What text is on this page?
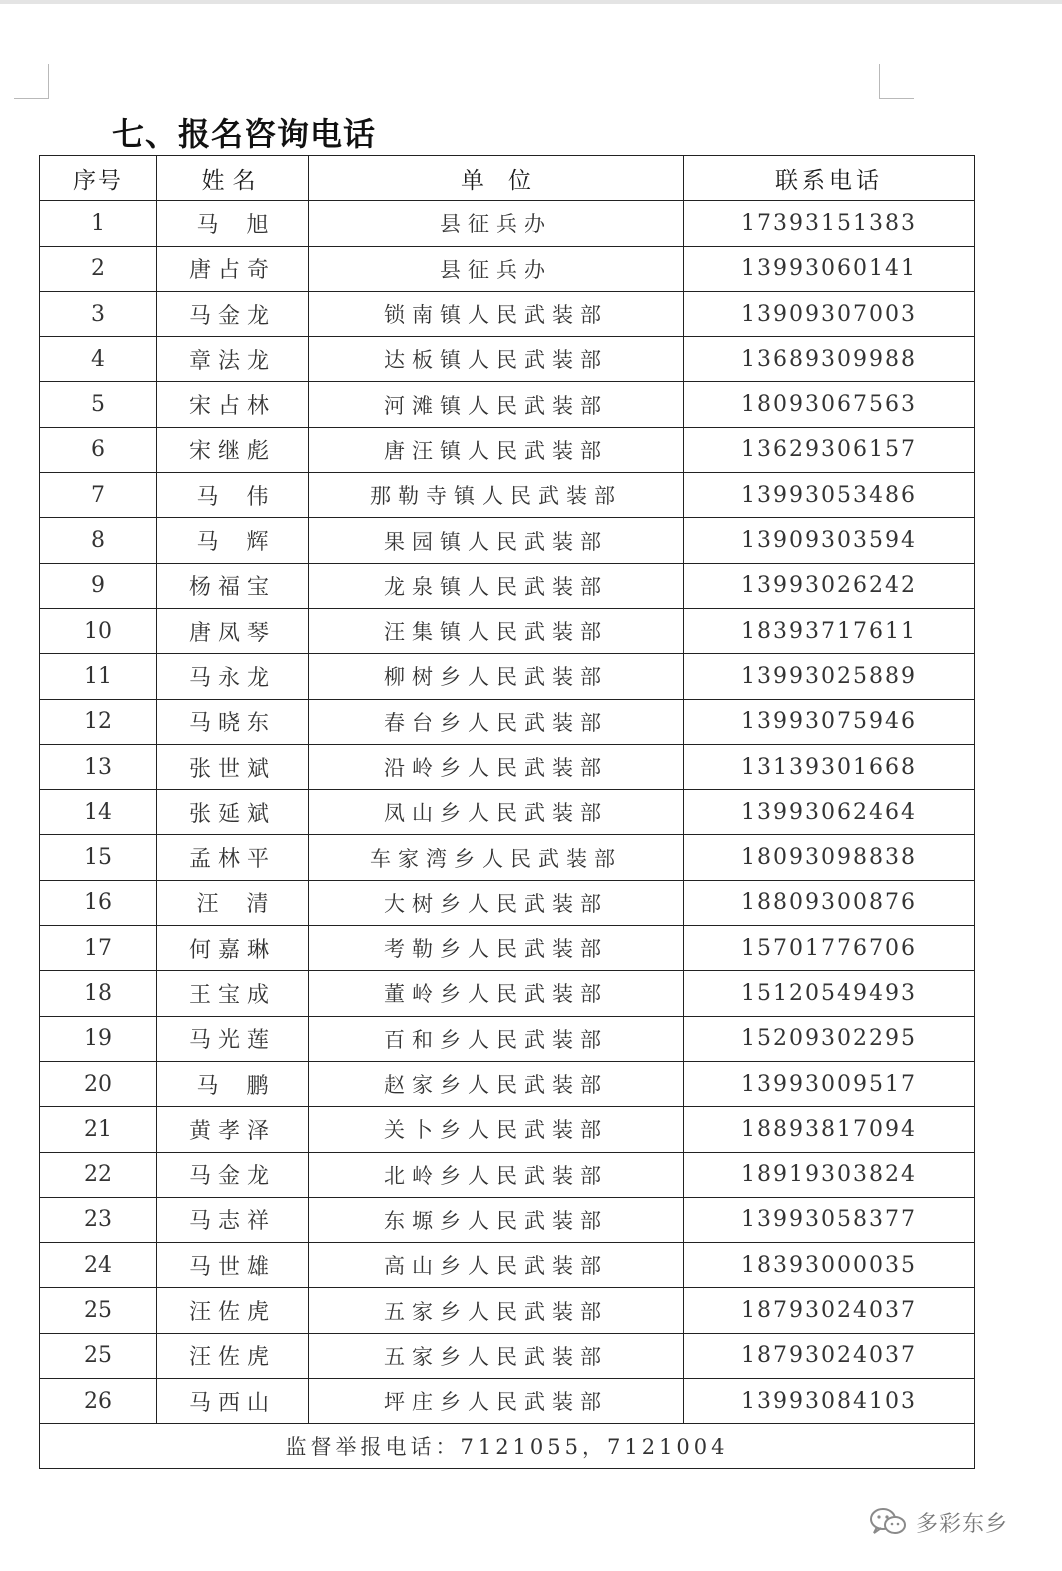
七、报名咨询电话
序号	姓名	单位	联系电话
1	马旭	县征兵办	17393151383
2	唐占奇	县征兵办	13993060141
3	马金龙	锁南镇人民武装部	13909307003
4	章法龙	达板镇人民武装部	13689309988
5	宋占林	河滩镇人民武装部	18093067563
6	宋继彪	唐汪镇人民武装部	13629306157
7	马伟	那勒寺镇人民武装部	13993053486
8	马辉	果园镇人民武装部	13909303594
9	杨福宝	龙泉镇人民武装部	13993026242
10	唐凤琴	汪集镇人民武装部	18393717611
11	马永龙	柳树乡人民武装部	13993025889
12	马晓东	春台乡人民武装部	13993075946
13	张世斌	沿岭乡人民武装部	13139301668
14	张延斌	凤山乡人民武装部	13993062464
15	孟林平	车家湾乡人民武装部	18093098838
16	汪清	大树乡人民武装部	18809300876
17	何嘉琳	考勒乡人民武装部	15701776706
18	王宝成	董岭乡人民武装部	15120549493
19	马光莲	百和乡人民武装部	15209302295
20	马鹏	赵家乡人民武装部	13993009517
21	黄孝泽	关卜乡人民武装部	18893817094
22	马金龙	北岭乡人民武装部	18919303824
23	马志祥	东塬乡人民武装部	13993058377
24	马世雄	高山乡人民武装部	18393000035
25	汪佐虎	五家乡人民武装部	18793024037
25	汪佐虎	五家乡人民武装部	18793024037
26	马西山	坪庄乡人民武装部	13993084103
监督举报电话：7121055，7121004			
多彩东乡
